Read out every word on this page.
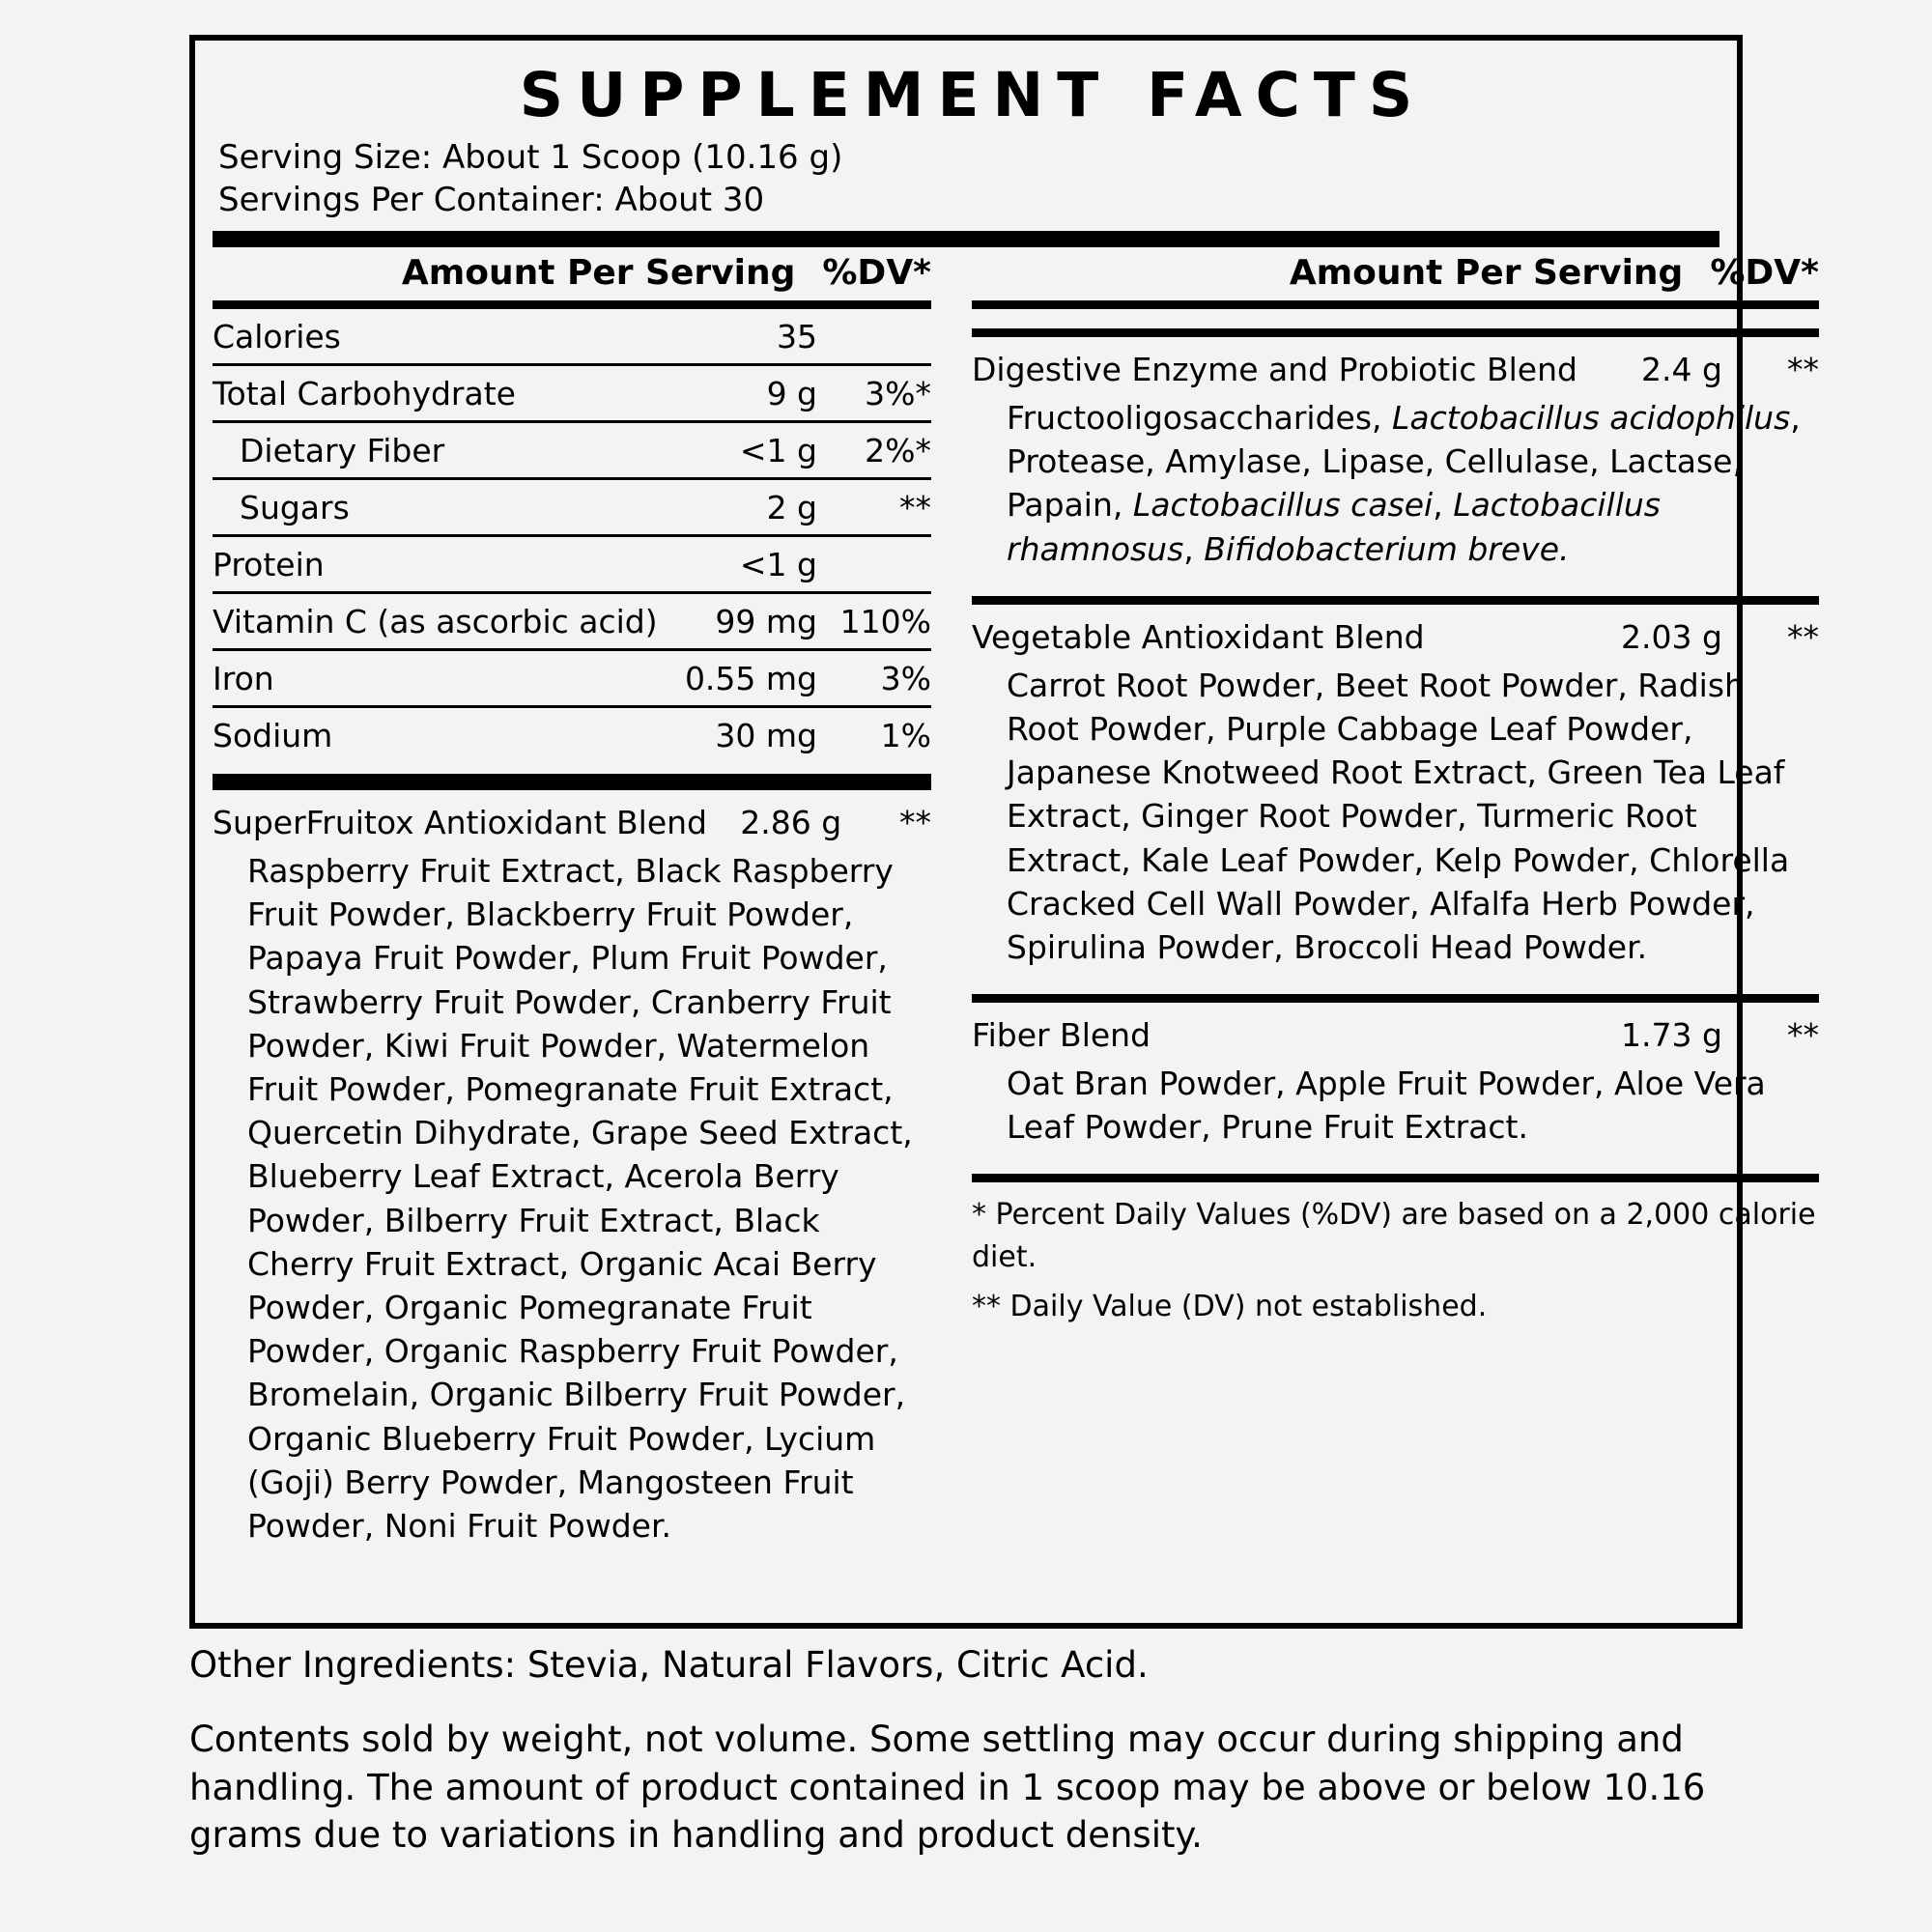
SUPPLEMENT FACTS
Serving Size: About 1 Scoop (10.16 g)
Servings Per Container: About 30
Amount Per Serving %DV*
Calories	35
Total Carbohydrate	9 g	3%*
Dietary Fiber	<1 g	2%*
Sugars	2 g	**
Protein	<1 g
Vitamin C (as ascorbic acid)	99 mg 110%
Iron	0.55 mg	3%
Sodium	30 mg	1%
SuperFruitox Antioxidant Blend	2.86 g	**
Raspberry Fruit Extract, Black Raspberry Fruit Powder, Blackberry Fruit Powder, Papaya Fruit Powder, Plum Fruit Powder, Strawberry Fruit Powder, Cranberry Fruit Powder, Kiwi Fruit Powder, Watermelon Fruit Powder, Pomegranate Fruit Extract, Quercetin Dihydrate, Grape Seed Extract, Blueberry Leaf Extract, Acerola Berry Powder, Bilberry Fruit Extract, Black Cherry Fruit Extract, Organic Acai Berry Powder, Organic Pomegranate Fruit Powder, Organic Raspberry Fruit Powder, Bromelain, Organic Bilberry Fruit Powder, Organic Blueberry Fruit Powder, Lycium (Goji) Berry Powder, Mangosteen Fruit Powder, Noni Fruit Powder.
Amount Per Serving %DV*
Digestive Enzyme and Probiotic Blend	2.4 g	**
Fructooligosaccharides, Lactobacillus acidophilus, Protease, Amylase, Lipase, Cellulase, Lactase, Papain, Lactobacillus casei, Lactobacillus rhamnosus, Bifidobacterium breve.
Vegetable Antioxidant Blend	2.03 g	**
Carrot Root Powder, Beet Root Powder, Radish Root Powder, Purple Cabbage Leaf Powder, Japanese Knotweed Root Extract, Green Tea Leaf Extract, Ginger Root Powder, Turmeric Root Extract, Kale Leaf Powder, Kelp Powder, Chlorella Cracked Cell Wall Powder, Alfalfa Herb Powder, Spirulina Powder, Broccoli Head Powder.
Fiber Blend	1.73 g	**
Oat Bran Powder, Apple Fruit Powder, Aloe Vera Leaf Powder, Prune Fruit Extract.
* Percent Daily Values (%DV) are based on a 2,000 calorie diet.
** Daily Value (DV) not established.
Other Ingredients: Stevia, Natural Flavors, Citric Acid.
Contents sold by weight, not volume. Some settling may occur during shipping and handling. The amount of product contained in 1 scoop may be above or below 10.16 grams due to variations in handling and product density.
